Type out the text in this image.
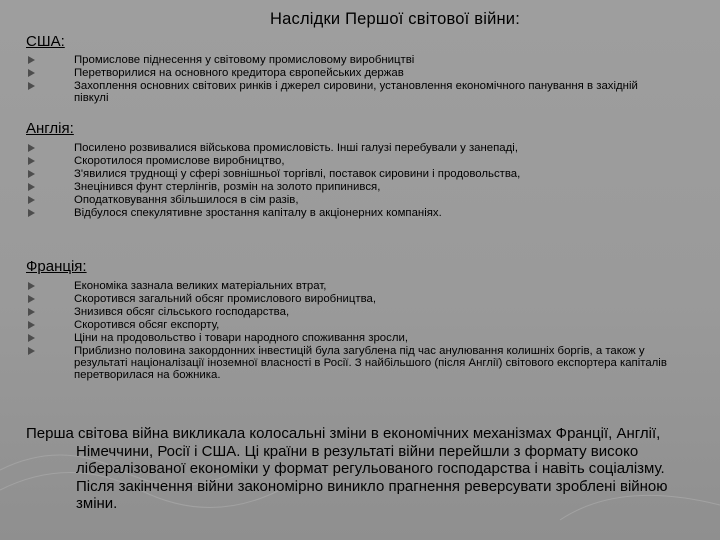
Наслідки Першої світової війни:
США:
Промислове піднесення у світовому промисловому виробництві
Перетворилися на основного кредитора європейських держав
Захоплення основних світових ринків і джерел сировини, установлення економічного панування в західній півкулі
Англія:
Посилено розвивалися військова промисловість. Інші галузі перебували у занепаді,
Скоротилося промислове виробництво,
З'явилися труднощі у сфері зовнішньої торгівлі, поставок сировини і продовольства,
Знецінився фунт стерлінгів, розмін на золото припинився,
Оподатковування збільшилося в сім разів,
Відбулося спекулятивне зростання капіталу в акціонерних компаніях.
Франція:
Економіка зазнала великих матеріальних втрат,
Скоротився загальний обсяг промислового виробництва,
Знизився обсяг сільського господарства,
Скоротився обсяг експорту,
Ціни на продовольство і товари народного споживання зросли,
Приблизно половина закордонних інвестицій була загублена під час анулювання колишніх боргів, а також у результаті націоналізації іноземної власності в Росії. З найбільшого (після Англії) світового експортера капіталів перетворилася на божника.
Перша світова війна викликала колосальні зміни в економічних механізмах Франції, Англії, Німеччини, Росії і США. Ці країни в результаті війни перейшли з формату високо лібералізованої економіки у формат регульованого господарства і навіть соціалізму. Після закінчення війни закономірно виникло прагнення реверсувати зроблені війною зміни.
